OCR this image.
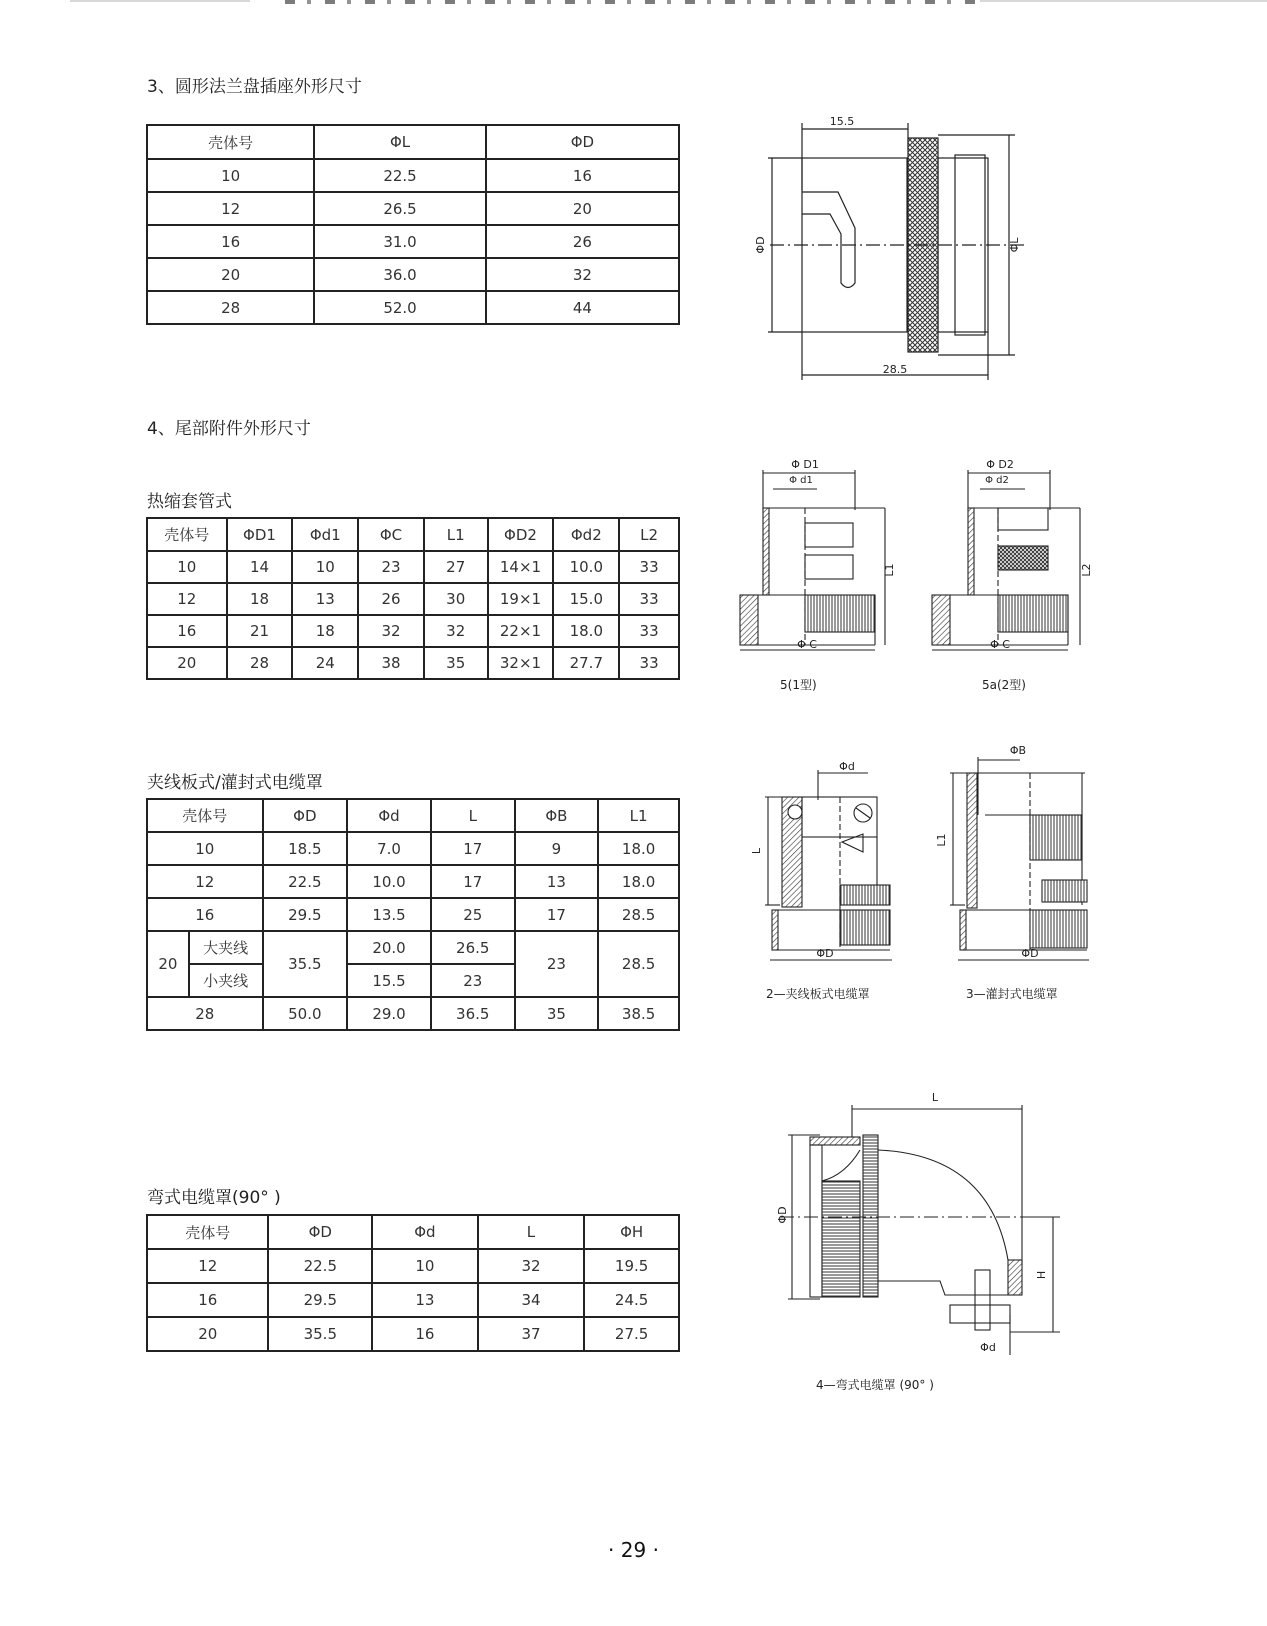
3、圆形法兰盘插座外形尺寸
壳体号	ΦL	ΦD
10	22.5	16
12	26.5	20
16	31.0	26
20	36.0	32
28	52.0	44
15.5
28.5
ΦD	ΦL
4、尾部附件外形尺寸
热缩套管式
壳体号	ΦD1	Φd1	ΦC	L1	ΦD2	Φd2	L2
10	14	10	23	27	14×1	10.0	33
12	18	13	26	30	19×1	15.0	33
16	21	18	32	32	22×1	18.0	33
20	28	24	38	35	32×1	27.7	33
Φ D1
Φ d1
L1
Φ C
Φ D2
Φ d2
L2
Φ C
5(1型)	5a(2型)
夹线板式/灌封式电缆罩
壳体号		ΦD	Φd	L	ΦB	L1
10		18.5	7.0	17	9	18.0
12		22.5	10.0	17	13	18.0
16		29.5	13.5	25	17	28.5
20	大夹线	35.5	20.0	26.5	23	28.5
	小夹线		15.5	23		
28		50.0	29.0	36.5	35	38.5
Φd
L
ΦD
ΦB
L1
ΦD
2—夹线板式电缆罩	3—灌封式电缆罩
弯式电缆罩(90° )
壳体号	ΦD	Φd	L	ΦH
12	22.5	10	32	19.5
16	29.5	13	34	24.5
20	35.5	16	37	27.5
L
ΦD
H
Φd
4—弯式电缆罩 (90° )
· 29 ·
